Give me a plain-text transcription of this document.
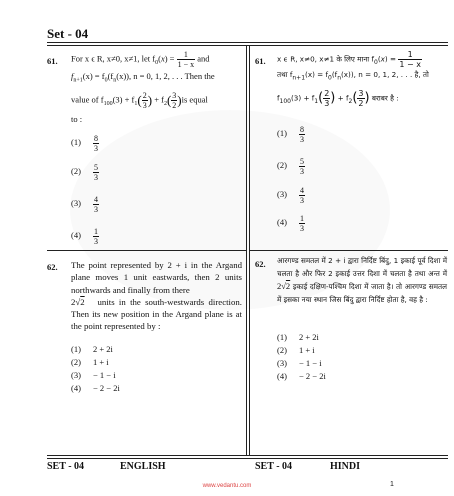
Set - 04
61. For x ϵ R, x≠0, x≠1, let $f_0(x) = \frac{1}{1 - x}$ and
$f_{n+1}(x) = f_0(f_n(x))$, n = 0, 1, 2, . . . Then the
value of $f_{100}(3) + f_1( \frac{2}{3}$ ) + $f_2( \frac{3}{2} )is$ equal
to :
$(1) \frac{8}{3}$
$(2) \frac{5}{3}$
$(3) \frac{4}{3}$
$(4) \frac{1}{3}$
62. The point represented by 2 + i in the Argand plane moves 1 unit eastwards, then 2 units northwards and finally from there
2√2 units in the south-westwards direction. Then its new position in the Argand plane is at the point represented by :
(1) 2 + 2i
(2) 1 + i
(3) − 1 − i
(4) − 2 − 2i
61. x ϵ R, x≠0, x≠1 के लिए माना $f_0(x) = \frac{1}{1 - x}$
तथा $f_{n+1}(x) = f_0(f_n(x))$, n = 0, 1, 2, . . . है, तो
$f_{100}(3) + f_1( \frac{2}{3}$ ) + $f_2( \frac{3}{2}$ ) बराबर है :
$(1) \frac{8}{3}$
$(2) \frac{5}{3}$
$(3) \frac{4}{3}$
$(4) \frac{1}{3}$
62. आरगण्ड समतल में 2 + i द्वारा निर्दिष्ट बिंदु, 1 इकाई पूर्व दिशा में चलता है और फिर 2 इकाई उत्तर दिशा में चलता है तथा अन्त में 2√2 इकाई दक्षिण-पश्चिम दिशा में जाता है। तो आरगण्ड समतल में इसका नया स्थान जिस बिंदु द्वारा निर्दिष्ट होता है, वह है :
(1) 2 + 2i
(2) 1 + i
(3) − 1 − i
(4) − 2 − 2i
SET - 04	ENGLISH	SET - 04	HINDI
www.vedantu.com	1
